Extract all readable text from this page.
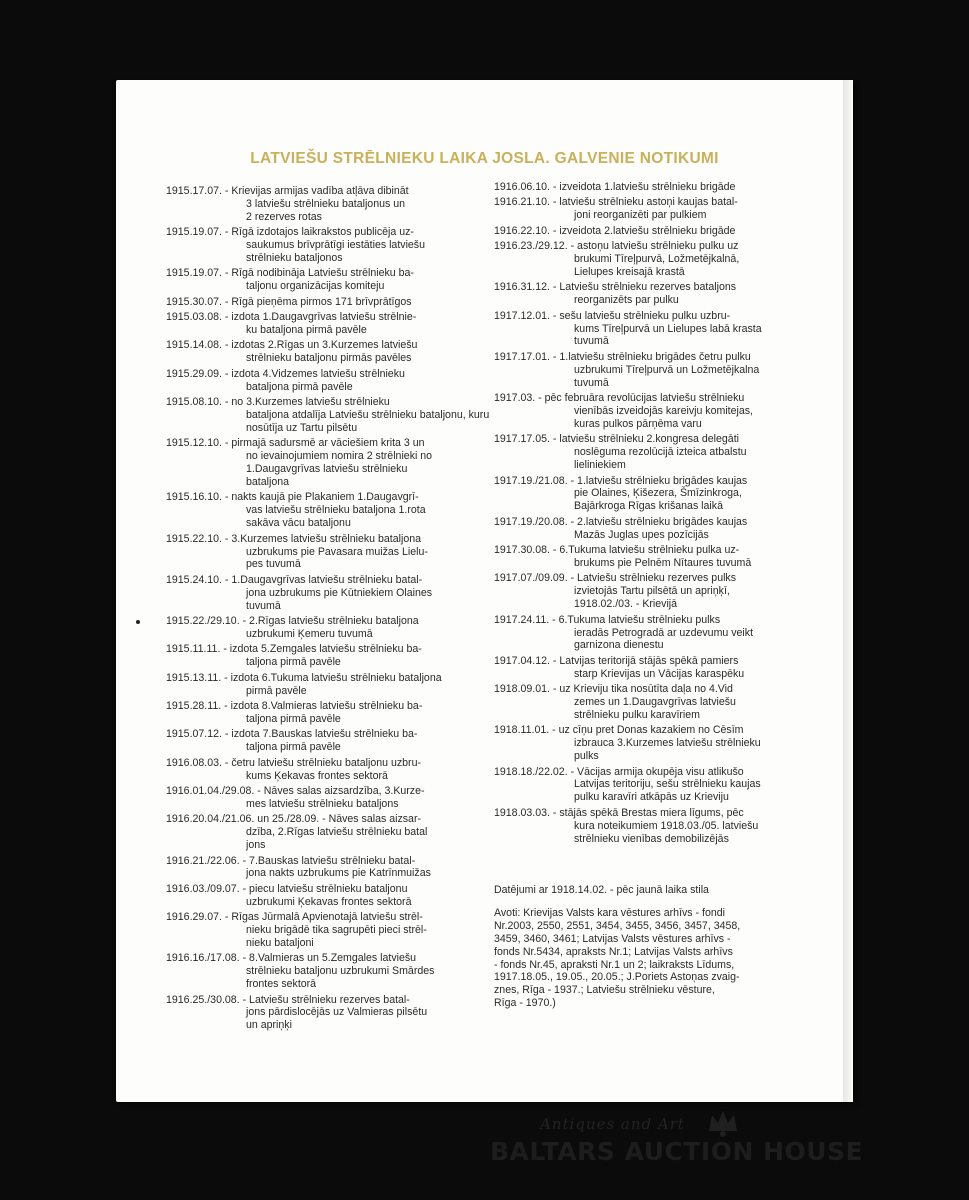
LATVIEŠU STRĒLNIEKU LAIKA JOSLA. GALVENIE NOTIKUMI
1915.17.07. - Krievijas armijas vadība atļāva dibināt
3 latviešu strēlnieku bataljonus un
2 rezerves rotas
1915.19.07. - Rīgā izdotajos laikrakstos publicēja uz-
saukumus brīvprātīgi iestāties latviešu
strēlnieku bataljonos
1915.19.07. - Rīgā nodibināja Latviešu strēlnieku ba-
taljonu organizācijas komiteju
1915.30.07. - Rīgā pieņēma pirmos 171 brīvprātīgos
1915.03.08. - izdota 1.Daugavgrīvas latviešu strēlnie-
ku bataljona pirmā pavēle
1915.14.08. - izdotas 2.Rīgas un 3.Kurzemes latviešu
strēlnieku bataljonu pirmās pavēles
1915.29.09. - izdota 4.Vidzemes latviešu strēlnieku
bataljona pirmā pavēle
1915.08.10. - no 3.Kurzemes latviešu strēlnieku
bataljona atdalīja Latviešu strēlnieku bataljonu, kuru
nosūtīja uz Tartu pilsētu
1915.12.10. - pirmajā sadursmē ar vāciešiem krita 3 un
no ievainojumiem nomira 2 strēlnieki no
1.Daugavgrīvas latviešu strēlnieku
bataljona
1915.16.10. - nakts kaujā pie Plakaniem 1.Daugavgrī-
vas latviešu strēlnieku bataljona 1.rota
sakāva vācu bataljonu
1915.22.10. - 3.Kurzemes latviešu strēlnieku bataljona
uzbrukums pie Pavasara muižas Lielu-
pes tuvumā
1915.24.10. - 1.Daugavgrīvas latviešu strēlnieku batal-
jona uzbrukums pie Kūtniekiem Olaines
tuvumā
1915.22./29.10. - 2.Rīgas latviešu strēlnieku bataljona
uzbrukumi Ķemeru tuvumā
1915.11.11. - izdota 5.Zemgales latviešu strēlnieku ba-
taljona pirmā pavēle
1915.13.11. - izdota 6.Tukuma latviešu strēlnieku bataljona
pirmā pavēle
1915.28.11. - izdota 8.Valmieras latviešu strēlnieku ba-
taljona pirmā pavēle
1915.07.12. - izdota 7.Bauskas latviešu strēlnieku ba-
taljona pirmā pavēle
1916.08.03. - četru latviešu strēlnieku bataljonu uzbru-
kums Ķekavas frontes sektorā
1916.01.04./29.08. - Nāves salas aizsardzība, 3.Kurze-
mes latviešu strēlnieku bataljons
1916.20.04./21.06. un 25./28.09. - Nāves salas aizsar-
dzība, 2.Rīgas latviešu strēlnieku batal
jons
1916.21./22.06. - 7.Bauskas latviešu strēlnieku batal-
jona nakts uzbrukums pie Katrīnmuižas
1916.03./09.07. - piecu latviešu strēlnieku bataljonu
uzbrukumi Ķekavas frontes sektorā
1916.29.07. - Rīgas Jūrmalā Apvienotajā latviešu strēl-
nieku brigādē tika sagrupēti pieci strēl-
nieku bataljoni
1916.16./17.08. - 8.Valmieras un 5.Zemgales latviešu
strēlnieku bataljonu uzbrukumi Smārdes
frontes sektorā
1916.25./30.08. - Latviešu strēlnieku rezerves batal-
jons pārdislocējās uz Valmieras pilsētu
un apriņķi
1916.06.10. - izveidota 1.latviešu strēlnieku brigāde
1916.21.10. - latviešu strēlnieku astoņi kaujas batal-
joni reorganizēti par pulkiem
1916.22.10. - izveidota 2.latviešu strēlnieku brigāde
1916.23./29.12. - astoņu latviešu strēlnieku pulku uz
brukumi Tīreļpurvā, Ložmetējkalnā,
Lielupes kreisajā krastā
1916.31.12. - Latviešu strēlnieku rezerves bataljons
reorganizēts par pulku
1917.12.01. - sešu latviešu strēlnieku pulku uzbru-
kums Tīreļpurvā un Lielupes labā krasta
tuvumā
1917.17.01. - 1.latviešu strēlnieku brigādes četru pulku
uzbrukumi Tīreļpurvā un Ložmetējkalna
tuvumā
1917.03. - pēc februāra revolūcijas latviešu strēlnieku
vienībās izveidojās kareivju komitejas,
kuras pulkos pārņēma varu
1917.17.05. - latviešu strēlnieku 2.kongresa delegāti
noslēguma rezolūcijā izteica atbalstu
lieliniekiem
1917.19./21.08. - 1.latviešu strēlnieku brigādes kaujas
pie Olaines, Ķišezera, Šmīzinkroga,
Bajārkroga Rīgas krišanas laikā
1917.19./20.08. - 2.latviešu strēlnieku brigādes kaujas
Mazās Juglas upes pozīcijās
1917.30.08. - 6.Tukuma latviešu strēlnieku pulka uz-
brukums pie Pelnēm Nītaures tuvumā
1917.07./09.09. - Latviešu strēlnieku rezerves pulks
izvietojās Tartu pilsētā un apriņķī,
1918.02./03. - Krievijā
1917.24.11. - 6.Tukuma latviešu strēlnieku pulks
ieradās Petrogradā ar uzdevumu veikt
garnizona dienestu
1917.04.12. - Latvijas teritorijā stājās spēkā pamiers
starp Krievijas un Vācijas karaspēku
1918.09.01. - uz Krieviju tika nosūtīta daļa no 4.Vid
zemes un 1.Daugavgrīvas latviešu
strēlnieku pulku karavīriem
1918.11.01. - uz cīņu pret Donas kazakiem no Cēsīm
izbrauca 3.Kurzemes latviešu strēlnieku
pulks
1918.18./22.02. - Vācijas armija okupēja visu atlikušo
Latvijas teritoriju, sešu strēlnieku kaujas
pulku karavīri atkāpās uz Krieviju
1918.03.03. - stājās spēkā Brestas miera līgums, pēc
kura noteikumiem 1918.03./05. latviešu
strēlnieku vienības demobilizējās
Datējumi ar 1918.14.02. - pēc jaunā laika stila
Avoti: Krievijas Valsts kara vēstures arhīvs - fondi
Nr.2003, 2550, 2551, 3454, 3455, 3456, 3457, 3458,
3459, 3460, 3461; Latvijas Valsts vēstures arhīvs -
fonds Nr.5434, apraksts Nr.1; Latvijas Valsts arhīvs
- fonds Nr.45, apraksti Nr.1 un 2; laikraksts Līdums,
1917.18.05., 19.05., 20.05.; J.Poriets Astoņas zvaig-
znes, Rīga - 1937.; Latviešu strēlnieku vēsture,
Rīga - 1970.)
Antiques and Art
BALTARS AUCTION HOUSE
